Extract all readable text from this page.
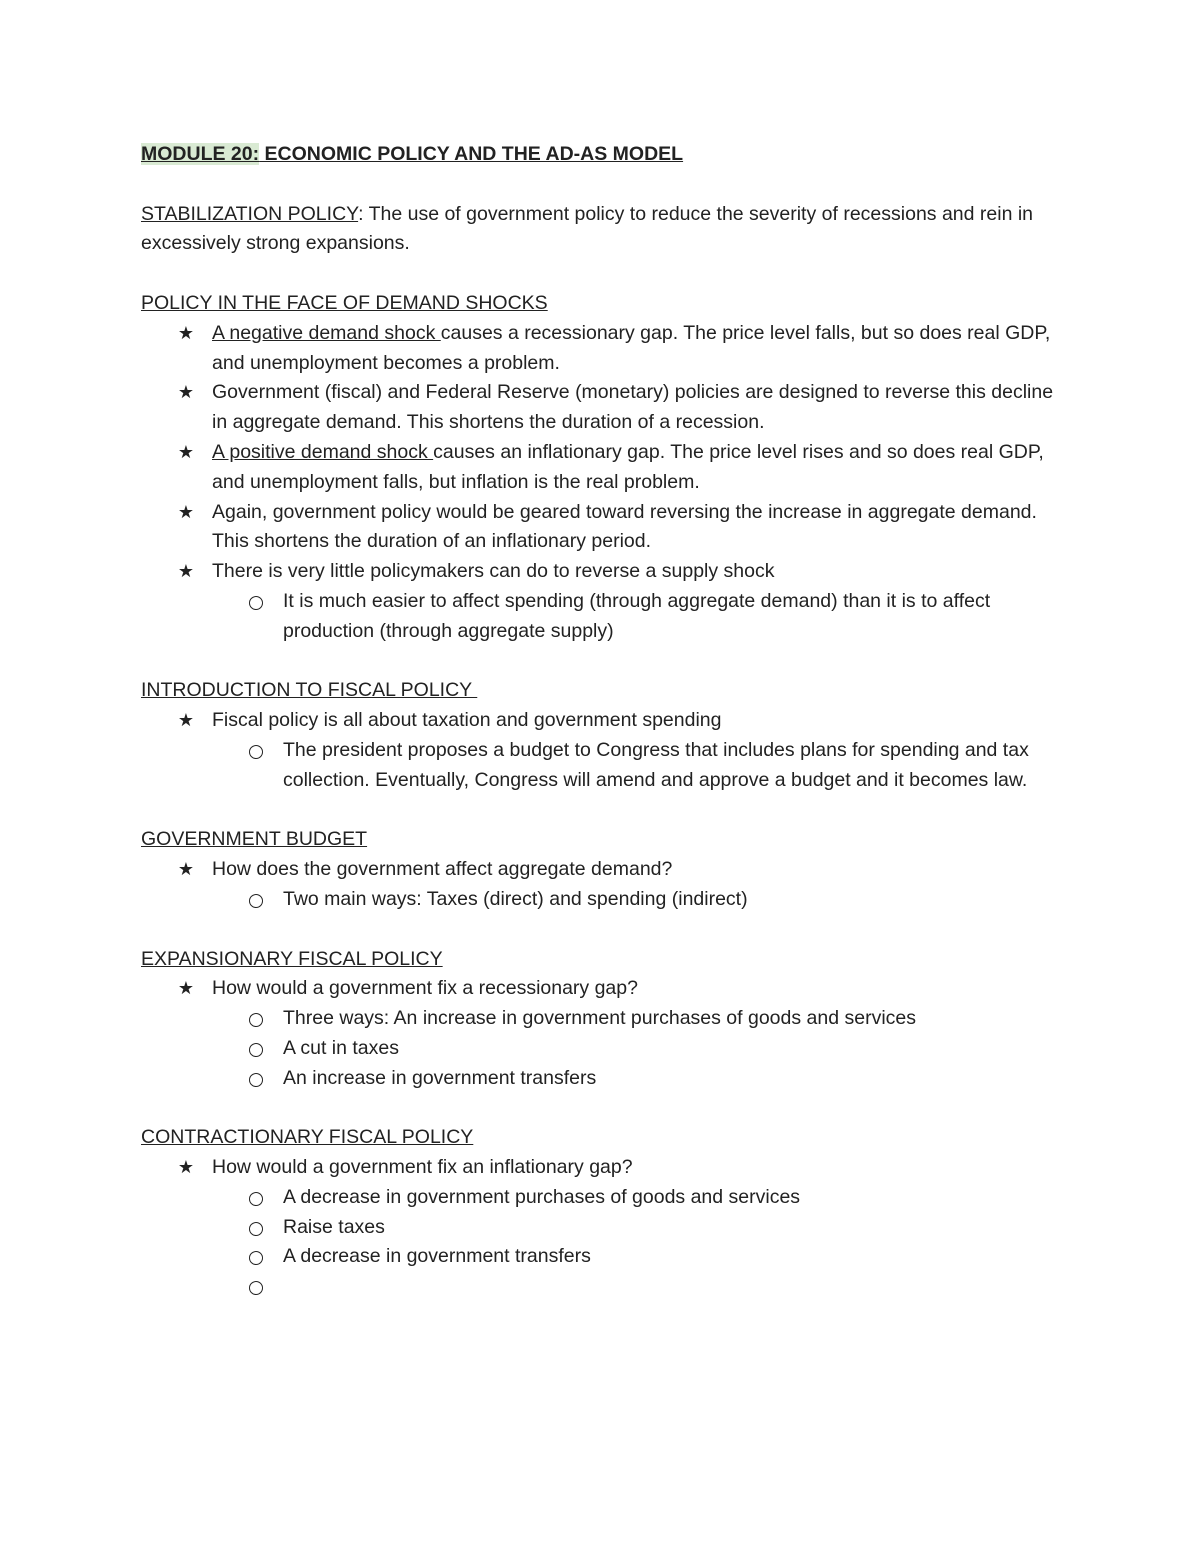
MODULE 20: ECONOMIC POLICY AND THE AD-AS MODEL
STABILIZATION POLICY: The use of government policy to reduce the severity of recessions and rein in excessively strong expansions.
POLICY IN THE FACE OF DEMAND SHOCKS
★ A negative demand shock causes a recessionary gap. The price level falls, but so does real GDP, and unemployment becomes a problem.
★ Government (fiscal) and Federal Reserve (monetary) policies are designed to reverse this decline in aggregate demand. This shortens the duration of a recession.
★ A positive demand shock causes an inflationary gap. The price level rises and so does real GDP, and unemployment falls, but inflation is the real problem.
★ Again, government policy would be geared toward reversing the increase in aggregate demand. This shortens the duration of an inflationary period.
★ There is very little policymakers can do to reverse a supply shock
It is much easier to affect spending (through aggregate demand) than it is to affect production (through aggregate supply)
INTRODUCTION TO FISCAL POLICY
★ Fiscal policy is all about taxation and government spending
The president proposes a budget to Congress that includes plans for spending and tax collection. Eventually, Congress will amend and approve a budget and it becomes law.
GOVERNMENT BUDGET
★ How does the government affect aggregate demand?
Two main ways: Taxes (direct) and spending (indirect)
EXPANSIONARY FISCAL POLICY
★ How would a government fix a recessionary gap?
Three ways: An increase in government purchases of goods and services
A cut in taxes
An increase in government transfers
CONTRACTIONARY FISCAL POLICY
★ How would a government fix an inflationary gap?
A decrease in government purchases of goods and services
Raise taxes
A decrease in government transfers
